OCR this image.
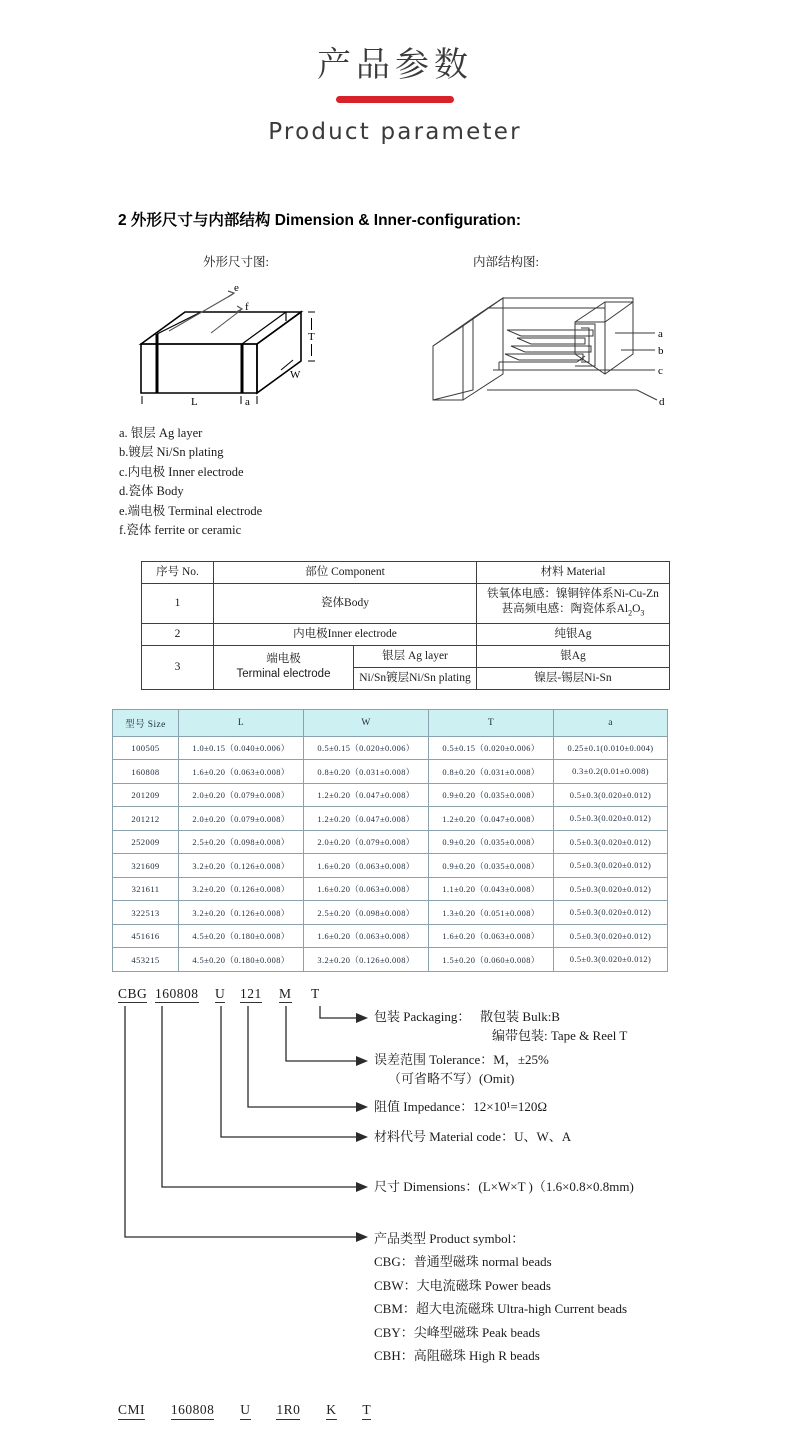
产品参数
Product parameter
2 外形尺寸与内部结构 Dimension & Inner-configuration:
外形尺寸图:	内部结构图:
e
f
T
L	a
W
a
b
c
d
a. 银层 Ag layer
b.镀层 Ni/Sn plating
c.内电极 Inner electrode
d.瓷体 Body
e.端电极 Terminal electrode
f.瓷体 ferrite or ceramic
序号 No.	部位 Component		材料 Material
1	瓷体Body		铁氧体电感：镍铜锌体系Ni-Cu-Zn
甚高频电感：陶瓷体系$Al_2O_3$
2	内电极Inner electrode		纯银Ag
3	端电极
Terminal electrode	银层 Ag layer	银Ag
		Ni/Sn镀层Ni/Sn plating	镍层-锡层Ni-Sn
型号 Size	L	W	T	a
100505	1.0±0.15（0.040±0.006）	0.5±0.15（0.020±0.006）	0.5±0.15（0.020±0.006）	0.25±0.1(0.010±0.004)
160808	1.6±0.20（0.063±0.008）	0.8±0.20（0.031±0.008）	0.8±0.20（0.031±0.008）	0.3±0.2(0.01±0.008)
201209	2.0±0.20（0.079±0.008）	1.2±0.20（0.047±0.008）	0.9±0.20（0.035±0.008）	0.5±0.3(0.020±0.012)
201212	2.0±0.20（0.079±0.008）	1.2±0.20（0.047±0.008）	1.2±0.20（0.047±0.008）	0.5±0.3(0.020±0.012)
252009	2.5±0.20（0.098±0.008）	2.0±0.20（0.079±0.008）	0.9±0.20（0.035±0.008）	0.5±0.3(0.020±0.012)
321609	3.2±0.20（0.126±0.008）	1.6±0.20（0.063±0.008）	0.9±0.20（0.035±0.008）	0.5±0.3(0.020±0.012)
321611	3.2±0.20（0.126±0.008）	1.6±0.20（0.063±0.008）	1.1±0.20（0.043±0.008）	0.5±0.3(0.020±0.012)
322513	3.2±0.20（0.126±0.008）	2.5±0.20（0.098±0.008）	1.3±0.20（0.051±0.008）	0.5±0.3(0.020±0.012)
451616	4.5±0.20（0.180±0.008）	1.6±0.20（0.063±0.008）	1.6±0.20（0.063±0.008）	0.5±0.3(0.020±0.012)
453215	4.5±0.20（0.180±0.008）	3.2±0.20（0.126±0.008）	1.5±0.20（0.060±0.008）	0.5±0.3(0.020±0.012)
CBG 160808 U 121 M T
包装 Packaging： 散包装 Bulk:B
编带包装: Tape & Reel T
误差范围 Tolerance：M，±25%
（可省略不写）(Omit)
阻值 Impedance：12×10¹=120Ω
材料代号 Material code：U、W、A
尺寸 Dimensions：(L×W×T )（1.6×0.8×0.8mm)
产品类型 Product symbol：
CBG：普通型磁珠 normal beads
CBW：大电流磁珠 Power beads
CBM：超大电流磁珠 Ultra-high Current beads
CBY：尖峰型磁珠 Peak beads
CBH：高阻磁珠 High R beads
CMI 160808 U 1R0 K T
